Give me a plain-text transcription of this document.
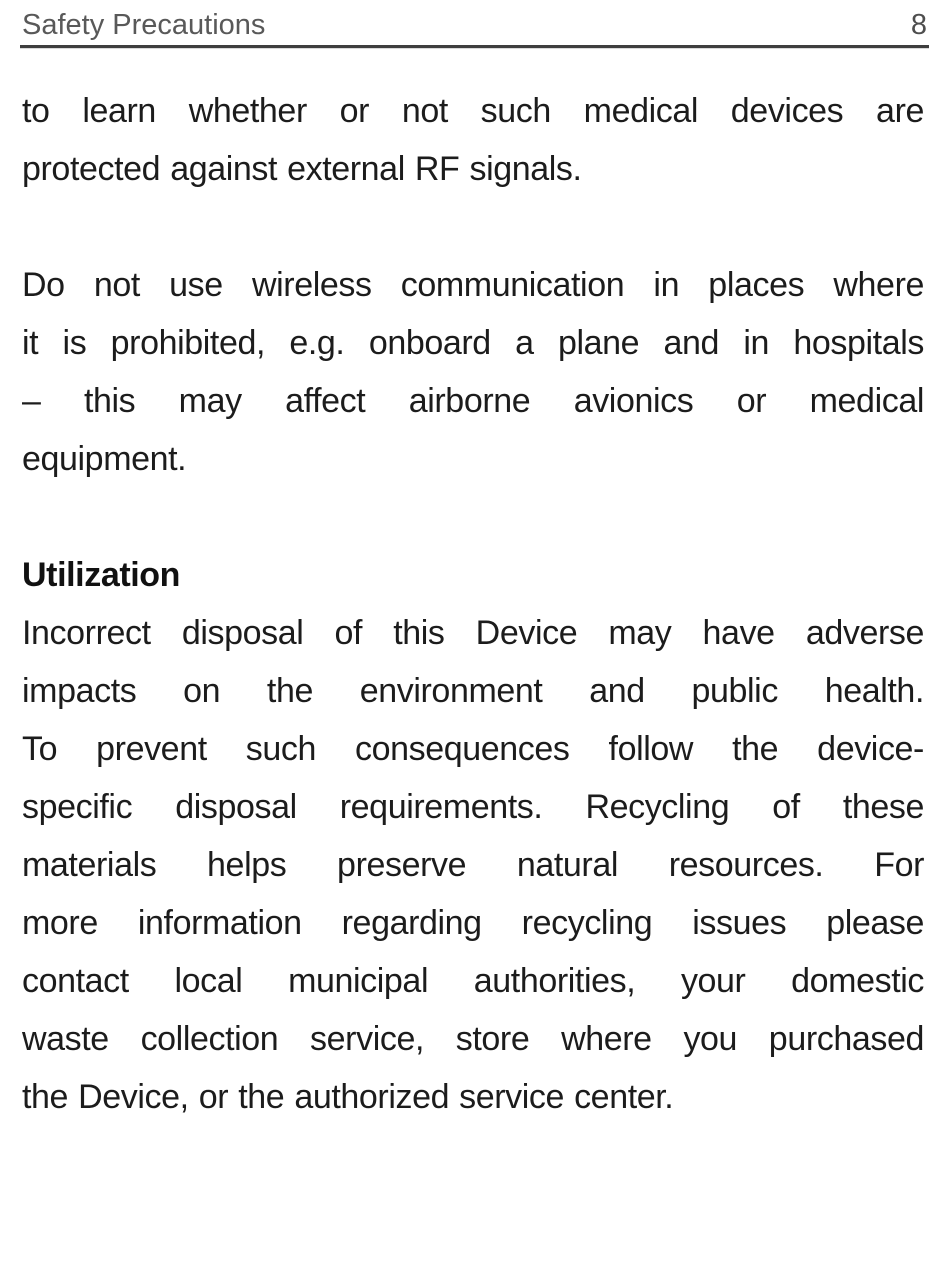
Safety Precautions	8
to learn whether or not such medical devices are
protected against external RF signals.
Do not use wireless communication in places where
it is prohibited, e.g. onboard a plane and in hospitals
– this may affect airborne avionics or medical
equipment.
Utilization
Incorrect disposal of this Device may have adverse
impacts on the environment and public health.
To prevent such consequences follow the device-
specific disposal requirements. Recycling of these
materials helps preserve natural resources. For
more information regarding recycling issues please
contact local municipal authorities, your domestic
waste collection service, store where you purchased
the Device, or the authorized service center.
